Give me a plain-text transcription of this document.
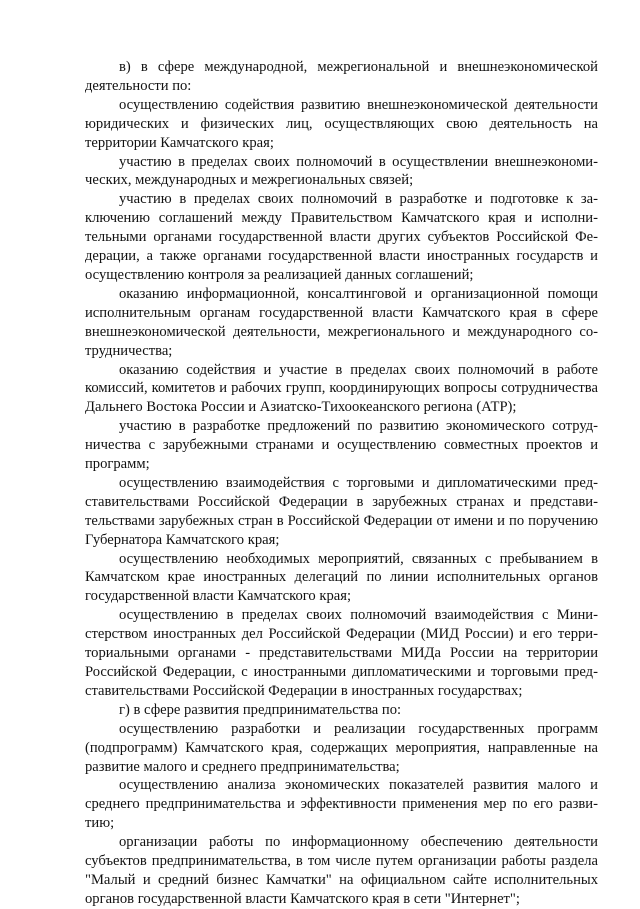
в) в сфере международной, межрегиональной и внешнеэкономической деятельности по:

осуществлению содействия развитию внешнеэкономической деятельности юридических и физических лиц, осуществляющих свою деятельность на территории Камчатского края;

участию в пределах своих полномочий в осуществлении внешнеэкономических, международных и межрегиональных связей;

участию в пределах своих полномочий в разработке и подготовке к заключению соглашений между Правительством Камчатского края и исполнительными органами государственной власти других субъектов Российской Федерации, а также органами государственной власти иностранных государств и осуществлению контроля за реализацией данных соглашений;

оказанию информационной, консалтинговой и организационной помощи исполнительным органам государственной власти Камчатского края в сфере внешнеэкономической деятельности, межрегионального и международного сотрудничества;

оказанию содействия и участие в пределах своих полномочий в работе комиссий, комитетов и рабочих групп, координирующих вопросы сотрудничества Дальнего Востока России и Азиатско-Тихоокеанского региона (АТР);

участию в разработке предложений по развитию экономического сотрудничества с зарубежными странами и осуществлению совместных проектов и программ;

осуществлению взаимодействия с торговыми и дипломатическими представительствами Российской Федерации в зарубежных странах и представительствами зарубежных стран в Российской Федерации от имени и по поручению Губернатора Камчатского края;

осуществлению необходимых мероприятий, связанных с пребыванием в Камчатском крае иностранных делегаций по линии исполнительных органов государственной власти Камчатского края;

осуществлению в пределах своих полномочий взаимодействия с Министерством иностранных дел Российской Федерации (МИД России) и его территориальными органами - представительствами МИДа России на территории Российской Федерации, с иностранными дипломатическими и торговыми представительствами Российской Федерации в иностранных государствах;

г) в сфере развития предпринимательства по:

осуществлению разработки и реализации государственных программ (подпрограмм) Камчатского края, содержащих мероприятия, направленные на развитие малого и среднего предпринимательства;

осуществлению анализа экономических показателей развития малого и среднего предпринимательства и эффективности применения мер по его развитию;

организации работы по информационному обеспечению деятельности субъектов предпринимательства, в том числе путем организации работы раздела "Малый и средний бизнес Камчатки" на официальном сайте исполнительных органов государственной власти Камчатского края в сети "Интернет";
